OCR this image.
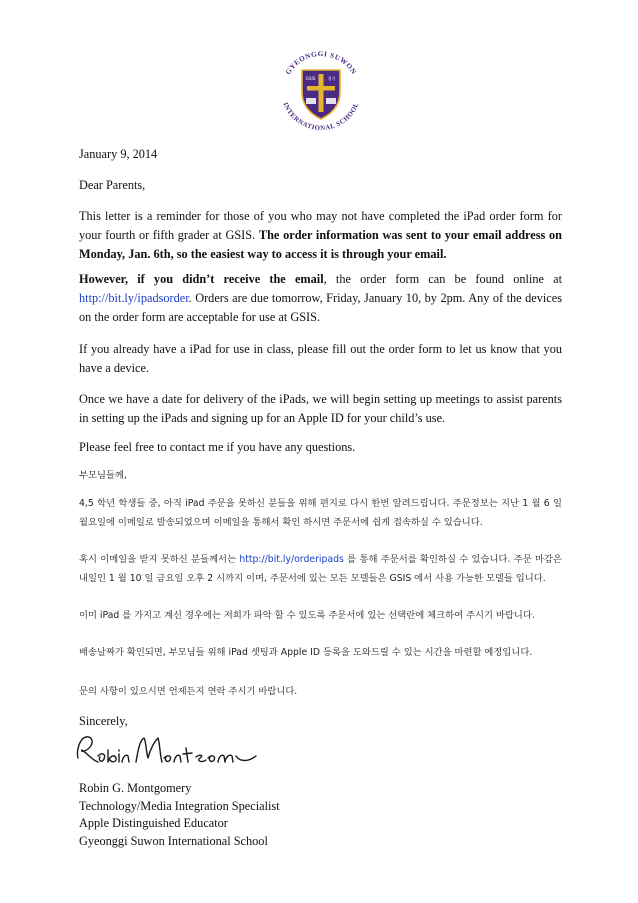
GYEONGGI SUWON
INTERNATIONAL SCHOOL
GSIS	경기

January 9, 2014

Dear Parents,

This letter is a reminder for those of you who may not have completed the iPad order form for your fourth or fifth grader at GSIS. The order information was sent to your email address on Monday, Jan. 6th, so the easiest way to access it is through your email.

However, if you didn’t receive the email, the order form can be found online at http://bit.ly/ipadsorder. Orders are due tomorrow, Friday, January 10, by 2pm. Any of the devices on the order form are acceptable for use at GSIS.

If you already have a iPad for use in class, please fill out the order form to let us know that you have a device.

Once we have a date for delivery of the iPads, we will begin setting up meetings to assist parents in setting up the iPads and signing up for an Apple ID for your child’s use.

Please feel free to contact me if you have any questions.

부모님들께,

4,5 학년 학생들 중, 아직 iPad 주문을 못하신 분들을 위해 편지로 다시 한번 알려드립니다. 주문정보는 지난 1 월 6 일 월요일에 이메일로 발송되었으며 이메일을 통해서 확인 하시면 주문서에 쉽게 접속하실 수 있습니다.

혹시 이메일을 받지 못하신 분들께서는 http://bit.ly/orderipads 를 통해 주문서를 확인하실 수 있습니다. 주문 마감은 내일인 1 월 10 일 금요일 오후 2 시까지 이며, 주문서에 있는 모든 모델들은 GSIS 에서 사용 가능한 모델들 입니다.

이미 iPad 를 가지고 계신 경우에는 저희가 파악 할 수 있도록 주문서에 있는 선택란에 체크하여 주시기 바랍니다.

배송날짜가 확인되면, 부모님들 위해 iPad 셋팅과 Apple ID 등록을 도와드릴 수 있는 시간을 마련할 예정입니다.

문의 사항이 있으시면 언제든지 연락 주시기 바랍니다.

Sincerely,

Robin G. Montgomery
Technology/Media Integration Specialist
Apple Distinguished Educator
Gyeonggi Suwon International School
